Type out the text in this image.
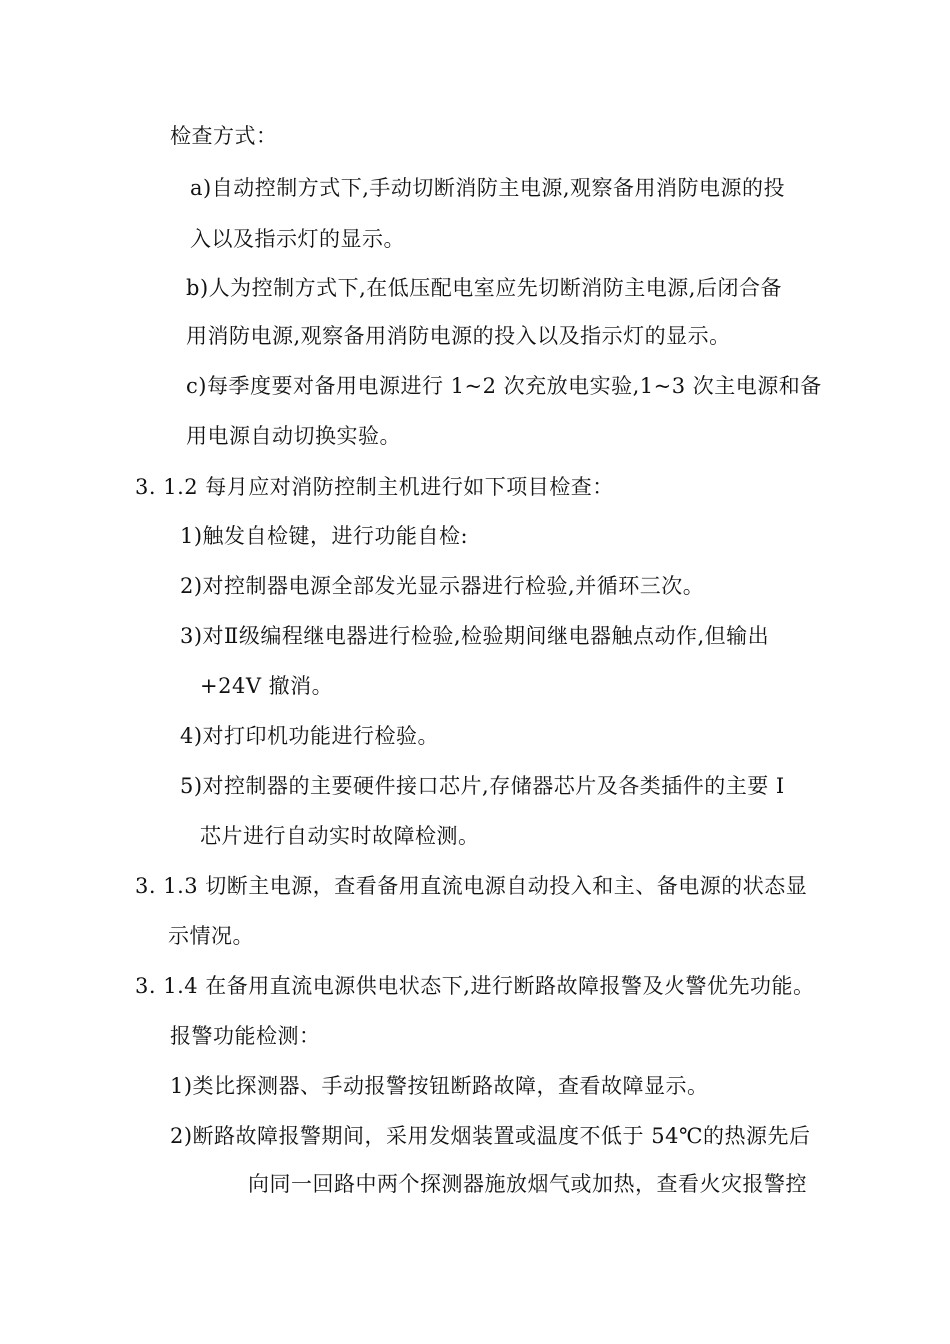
检查方式：
a)自动控制方式下,手动切断消防主电源,观察备用消防电源的投
入以及指示灯的显示。
b)人为控制方式下,在低压配电室应先切断消防主电源,后闭合备
用消防电源,观察备用消防电源的投入以及指示灯的显示。
c)每季度要对备用电源进行 1~2 次充放电实验,1~3 次主电源和备
用电源自动切换实验。
3. 1.2 每月应对消防控制主机进行如下项目检查：
1)触发自检键，进行功能自检:
2)对控制器电源全部发光显示器进行检验,并循环三次。
3)对Ⅱ级编程继电器进行检验,检验期间继电器触点动作,但输出
+24V 撤消。
4)对打印机功能进行检验。
5)对控制器的主要硬件接口芯片,存储器芯片及各类插件的主要 I
芯片进行自动实时故障检测。
3. 1.3 切断主电源，查看备用直流电源自动投入和主、备电源的状态显
示情况。
3. 1.4 在备用直流电源供电状态下,进行断路故障报警及火警优先功能。
报警功能检测：
1)类比探测器、手动报警按钮断路故障，查看故障显示。
2)断路故障报警期间，采用发烟装置或温度不低于 54℃的热源先后
向同一回路中两个探测器施放烟气或加热，查看火灾报警控
